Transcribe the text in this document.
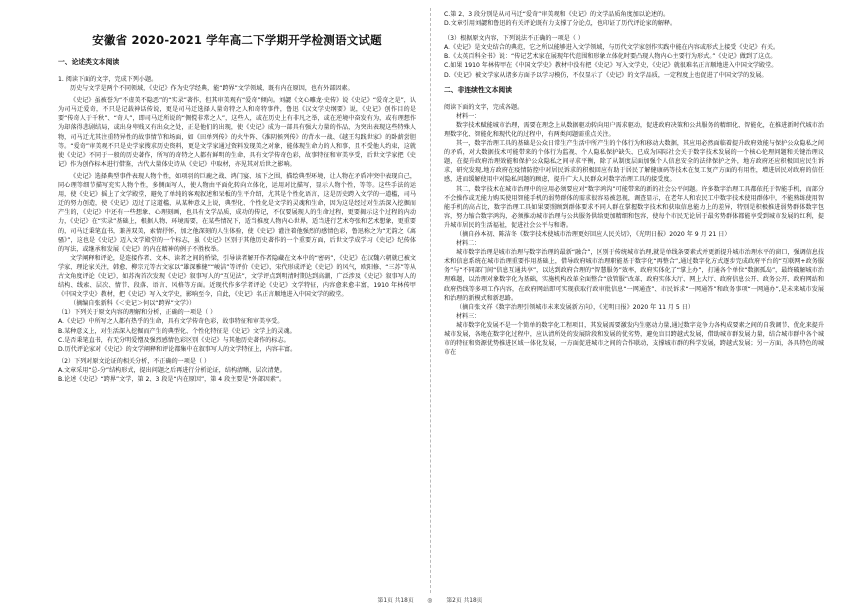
安徽省 2020-2021 学年高二下学期开学检测语文试题
一、论述类文本阅读

1. 阅读下面的文字，完成下列小题。

历史与文学是两个不同领域，《史记》作为史学经典，能“跨界”文学领域，既有内在原因，也有外部因素。

《史记》虽被誉为“不虚美不隐恶”的“实录”著作，但其审美观有“爱奇”倾向。刘勰《文心雕龙·史传》说《史记》“爱奇之是”，认为司马迁爱奇，不只是记载神话传说，更是司马迁选择人量奇特之人和奇特事件，鲁迅《汉文学史纲要》说，《史记》创作目的是要“传奇人于千秋”、“奇人”，即司马迁所说的“倜傥非常之人”，这些人，或在历史上有非凡之举，或在逆境中奋发有为，或有理想作为却落得悲剧结局，或出身卑贱又有出众之处，正是他们的出现，使《史记》成为一部具有强大力量的作品，为突出表现这些特殊人物，司马迁尤其注重特异性的故事情节和场面，如《田单列传》的火牛阵、《淮阴候列传》的背水一战、《越王勾践世家》的卧薪尝胆等。“爱奇”审美观不只是史学家搜求历史资料，更是文学家通过资料发现美之对象，能体现生命力的人和事，且不受他人约束，这就使《史记》不同于一般的历史著作，所写的奇特之人都有鲜明的生命，具有文学传奇色彩，故事特征和审美享受，后世文学家把《史记》作为创作标本进行借鉴，古代大量体史诗从《史记》中取材，亦见其对后世之影响。

《史记》选择典型事件表现人物个性，如项羽的巨鹿之战、鸿门宴、垓下之围，描绘典型环境，让人物在矛盾冲突中表现自己，同心理等细节描写充实人物个性，多侧面写人，使人物由平面化转向立体化，运用对比描写，显示人物个性，等等。这些手法的运用，使《史记》摇上了文学殿堂，避免了单纯的客观叙述和呆板的生平介绍，尤其是个性化语言，这是历史跨入文学的一道槛，司马迁的努力创造，使《史记》迈过了这道槛，从某种意义上说，典型化、个性化是文学的灵魂和生命，因为这是经过对生活深入挖掘而产生的，《史记》中还有一些想象、心理刻画，也具有文学品质，成功的传记，不仅要展现人的生命过程，更要揭示这个过程的内动力，《史记》在“实录”基础上，根据人物、环境需要，在某些情况下，适当推度人物内心世界，适当进行艺术夸张和艺术想象，更重要的，司马迁秉笔直书，兼善双美，索情抒怀，加之他深刻的人生体验，使《史记》灌注着他强烈的感情色彩，鲁迅称之为“无韵之《离骚》”，这也是《史记》迈入文学殿堂的一个标志，虽《史记》区别于其他历史著作的一个重要方面，后世文学成学习《史记》纪传体的写法，或继承和发展《史记》的内在精神的例子不胜枚举。

文学阐释和评论，是连接作者、文本、读者之间的桥梁，引导读者解开作者隐藏在文本中的“密码”，《史记》在汉魏六朝就已被文学家、理论家关注，韩愈、柳宗元等古文家以“雄深雅健”“峻洁”等评价《史记》，宋代形成评论《史记》的风气，欧阳修、“三苏”等从古文角度评论《史记》，如苏洵首次发现《史记》叙事写人的“互见法”，文学评点到明清时期达到高潮，广泛涉及《史记》叙事写人的结构、线索、层次、情节、段落、语言、风格等方面。近现代作多学者评论《史记》文学特征，内容愈来愈丰富，1910 年林传甲《中国文学史》教材，把《史记》写入文学史，影响至今，自此，《史记》名正言顺地进入中国文学的殿堂。

（摘编自张新科《＜史记＞何以“跨界”文学》）

（1）下列关于原文内容的理解和分析，正确的一项是（ ）

A.《史记》中所写之人都有热乎的生命，具有文学传奇色彩，故事特征和审美享受。

B.某种意义上，对生活深入挖掘而产生的典型化、个性化特征是《史记》文学上的灵魂。

C.是否秉笔直书，有无分明爱憎及强烈感情色彩区别《史记》与其他历史著作的标志。

D.历代评论家对《史记》的文学阐释和评论都集中在叙事写人的文学特征上，内容丰富。

（2）下列对原文论证的相关分析，不正确的一项是（ ）

A.文章采用“总-分”结构形式，提出问题之后再进行分析论证，结构清晰，层次清楚。

B.论述《史记》“跨界”文学，第 2、3 段是“内在原因”，第 4 段主要是“外部因素”。

C.第 2、3 段分别是从司马迁“爱奇”审美观和《史记》的文学品质角度加以论述的。

D.文章引用刘勰和鲁迅的有关评论既有力支撑了分论点，也印证了历代评论家的解释。

（3）根据原文内容，下列说法不正确的一项是（ ）

A.《史记》是文史结合的典范，它之所以能够进入文学领域，与历代文学家创作实践中能在内容或形式上接受《史记》有关。

B.《太英百科全书》说：“传记艺术家在展现年代范围和形象立体化时要凸现人物内心主要行为形式。”《史记》做到了这点。

C.如果 1910 年林传甲在《中国文学史》教材中没有把《史记》写入文学史，《史记》就很难名正言顺地进入中国文学殿堂。

D.《史记》被文学家从诸多方面予以学习模仿，不仅显示了《史记》的文学品质，一定程度上也促进了中国文学的发展。

二、非连续性文本阅读

阅读下面的文字，完成各题。

材料一：

数字技术赋能城市治理，需要在理念上从数据驱动转向用户需求驱动，促进政府决策和公共服务的精细化、智能化，在推进新时代城市治理数字化、智能化和现代化的过程中，有两类问题需重点关注。

其一，数字治理工具的基础是公众日常生产生活中所产生的个体行为和移动大数据，其应用必然面临着提升政府效能与保护公众隐私之间的矛盾，对大数据技术可能带来的个体行为监视、个人隐私保护缺失、已成为国际社会关于数字技术发展的一个核心伦理问题和关键治理议题，在提升政府治理效能和保护公众隐私之间寻求平衡，除了从制度层面加强个人信息安全的法律保护之外，地方政府还应积极回应民生诉求，研究发现,地方政府在疫情防控中对居民诉求的积极回应有助于居民了解健康码等技术在复工复产方面的有用性，增进居民对政府的信任感，进而缓解使用中对隐私问题的顾虑，提升广大人民群众对数字治理工具的接受度。

其二，数字技术在城市治理中的应用必须要应对“数字鸿沟”可能带来的新的社会公平问题。许多数字治理工具都依托于智能手机，而部分不会操作或无能力购买使用智能手机的弱势群体的需求很容易被忽视，调查显示，在老年人和农民工中数字技术使用群体中，不能熟练使用智能手机的高占比，数字治理工具如果要照顾到群体要求不同人群在掌握数字技术和获取信息能力上的差异，特别是积极推进弱势群体数字包容，努力缩合数字鸿沟，必须推动城市治理与公共服务供给更加精细和包容，使每个市民无论居于最劣势群体都能享受到城市发展的红利，提升城市居民的生活福祉，促进社会公平与和谐。

（摘自孙本初、陈洁冬《数字技术使城市治理更好回应人民关切》，《光明日报》2020 年 9 月 21 日）

材料二：

城市数字治理是城市治理与数字治理的最新“融合”，区别于传统城市治理,就是单线条要素式并更新提升城市治理水平的窗口，强调信息技术和信息系统在城市治理重要作用基础上，借导政府城市治理职能基于数字化“再整合”,通过数字化方式逐步完成政府平台的“互联网+政务服务”与“不同部门间“信息互通共享”，以达到政府合理的“智慧服务”效率，政府实体化了“掌上办”，打通各个单位“数据孤岛”，最终破解城市治理难题，以治理对象数字化为基础，实施机构改革全面整合“放管服”改革、政府实体大厅、网上大厅、政府信息公开、政务公开、政府网站和政府热线等多项工作内容，在政府网站即可实现获取行政审批信息“一网通查”、市民诉求“一网通答”和政务事项“一网通办”,是未来城市发展和治理的新模式和新思路。

（摘自张文祥《数字治理引领城市未来发展新方向》，《光明日报》2020 年 11 月 5 日）

材料三：

城市数字化发展不是一个简单的数字化工程项目，其发展需要激发内生驱动力量,通过数字竞争力各构成要素之间的自我调节、优化来提升城市发展，各地在数字化过程中，应认清所处的发展阶段和发展的优劣势，避免盲目跨越式发展，借助城市群发展力量，结合城市群中各个城市的特征和资源优势推进区域一体化发展，一方面促进城市之间的合作联动，支撑城市群的科学发展，跨越式发展；另一方面，各具特色的城市在

第1页 共18页 ◎ 第2页 共18页
